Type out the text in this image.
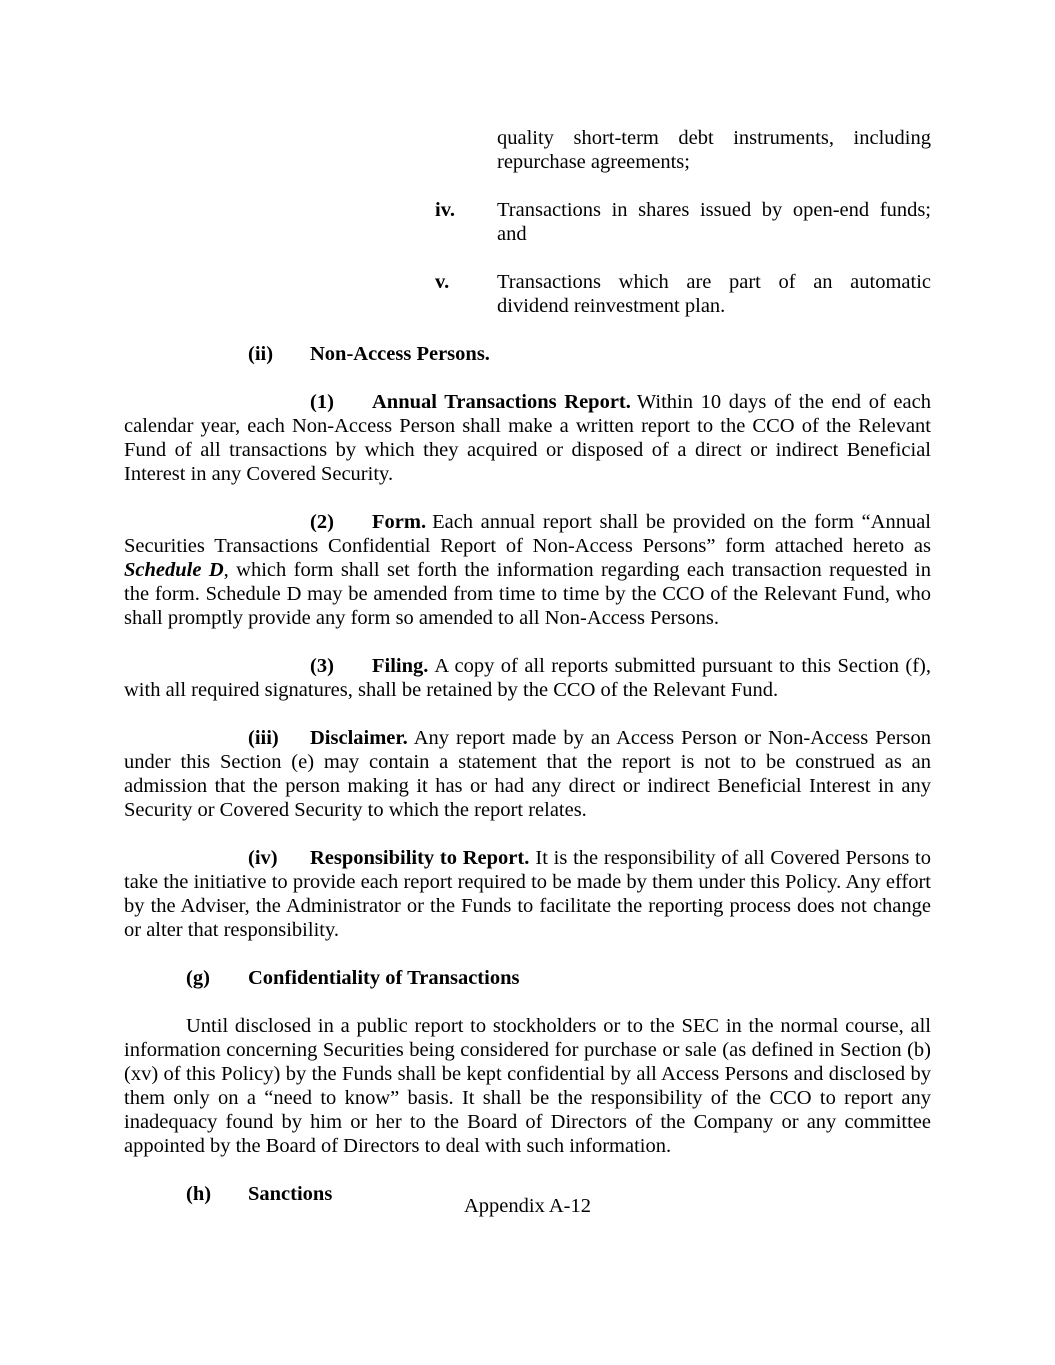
quality short-term debt instruments, including repurchase agreements;
iv. Transactions in shares issued by open-end funds; and
v. Transactions which are part of an automatic dividend reinvestment plan.
(ii) Non-Access Persons.
(1) Annual Transactions Report. Within 10 days of the end of each calendar year, each Non-Access Person shall make a written report to the CCO of the Relevant Fund of all transactions by which they acquired or disposed of a direct or indirect Beneficial Interest in any Covered Security.
(2) Form. Each annual report shall be provided on the form “Annual Securities Transactions Confidential Report of Non-Access Persons” form attached hereto as Schedule D, which form shall set forth the information regarding each transaction requested in the form. Schedule D may be amended from time to time by the CCO of the Relevant Fund, who shall promptly provide any form so amended to all Non-Access Persons.
(3) Filing. A copy of all reports submitted pursuant to this Section (f), with all required signatures, shall be retained by the CCO of the Relevant Fund.
(iii) Disclaimer. Any report made by an Access Person or Non-Access Person under this Section (e) may contain a statement that the report is not to be construed as an admission that the person making it has or had any direct or indirect Beneficial Interest in any Security or Covered Security to which the report relates.
(iv) Responsibility to Report. It is the responsibility of all Covered Persons to take the initiative to provide each report required to be made by them under this Policy. Any effort by the Adviser, the Administrator or the Funds to facilitate the reporting process does not change or alter that responsibility.
(g) Confidentiality of Transactions
Until disclosed in a public report to stockholders or to the SEC in the normal course, all information concerning Securities being considered for purchase or sale (as defined in Section (b)(xv) of this Policy) by the Funds shall be kept confidential by all Access Persons and disclosed by them only on a “need to know” basis. It shall be the responsibility of the CCO to report any inadequacy found by him or her to the Board of Directors of the Company or any committee appointed by the Board of Directors to deal with such information.
(h) Sanctions
Appendix A-12
